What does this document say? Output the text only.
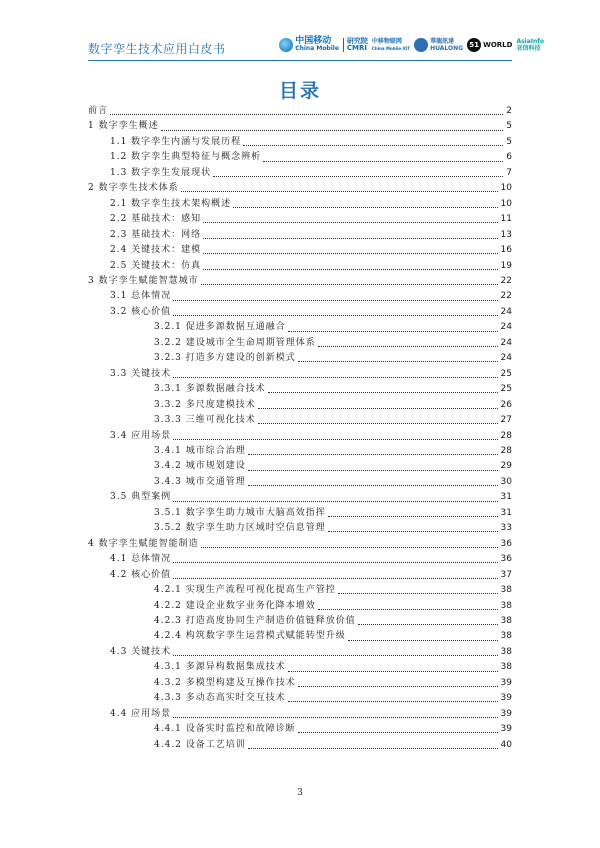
数字孪生技术应用白皮书
中国移动
China Mobile
研究院
CMRI
中移物联网
China Mobile IOT
華龍訊達
HUALONG 51 WORLD AsiaInfo
亚信科技
目录
前言	2
1 数字孪生概述	5
1.1 数字孪生内涵与发展历程	5
1.2 数字孪生典型特征与概念辨析	6
1.3 数字孪生发展现状	7
2 数字孪生技术体系	10
2.1 数字孪生技术架构概述	10
2.2 基础技术：感知	11
2.3 基础技术：网络	13
2.4 关键技术：建模	16
2.5 关键技术：仿真	19
3 数字孪生赋能智慧城市	22
3.1 总体情况	22
3.2 核心价值	24
3.2.1 促进多源数据互通融合	24
3.2.2 建设城市全生命周期管理体系	24
3.2.3 打造多方建设的创新模式	24
3.3 关键技术	25
3.3.1 多源数据融合技术	25
3.3.2 多尺度建模技术	26
3.3.3 三维可视化技术	27
3.4 应用场景	28
3.4.1 城市综合治理	28
3.4.2 城市规划建设	29
3.4.3 城市交通管理	30
3.5 典型案例	31
3.5.1 数字孪生助力城市大脑高效指挥	31
3.5.2 数字孪生助力区域时空信息管理	33
4 数字孪生赋能智能制造	36
4.1 总体情况	36
4.2 核心价值	37
4.2.1 实现生产流程可视化提高生产管控	38
4.2.2 建设企业数字业务化降本增效	38
4.2.3 打造高度协同生产制造价值链释放价值	38
4.2.4 构筑数字孪生运营模式赋能转型升级	38
4.3 关键技术	38
4.3.1 多源异构数据集成技术	38
4.3.2 多模型构建及互操作技术	39
4.3.3 多动态高实时交互技术	39
4.4 应用场景	39
4.4.1 设备实时监控和故障诊断	39
4.4.2 设备工艺培训	40
3
